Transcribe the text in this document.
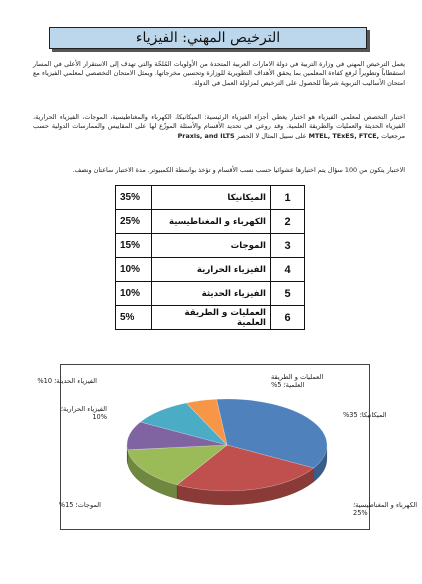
الترخيص المهني: الفيزياء
يعمل الترخيص المهني في وزارة التربية في دولة الامارات العربية المتحدة من الأولويات المُلحّة والتي تهدف إلى الاستقرار الأعلى في المسار استقطاباً وتطويراً لرفع كفاءة المعلمين بما يحقق الأهداف التطويرية للوزارة وتحسين مخرجاتها. ويمثل الامتحان التخصصي لمعلمي الفيزياء مع امتحان الأساليب التربوية شرطاً للحصول على الترخيص لمزاولة العمل في الدولة.
اختبار التخصص لمعلمي الفيزياء هو اختبار يغطي أجزاء الفيزياء الرئيسية: الميكانيكا، الكهرباء والمغناطيسية، الموجات، الفيزياء الحرارية، الفيزياء الحديثة والعمليات والطريقة العلمية. وقد روعي في تحديد الأقسام والأسئلة الموزّع لها على المقاييس والممارسات الدولية حسب مرجعيات MTEL, TExES, FTCE, على سبيل المثال لا الحصر Praxis, and ILTS
الاختبار يتكون من 100 سؤال يتم اختيارها عشوائيا حسب نسب الأقسام و تؤخذ بواسطة الكمبيوتر. مدة الاختبار ساعتان ونصف.
35%	الميكانيكا	1
25%	الكهرباء و المغناطيسية	2
15%	الموجات	3
10%	الفيزياء الحرارية	4
10%	الفيزياء الحديثة	5
5%	العمليات و الطريقة العلمية	6
الميكانيكا؛ 35%
الكهرباء و المغناطيسية؛ 25%
الموجات؛ 15%
الفيزياء الحرارية؛ 10%
الفيزياء الحديثة؛ 10%	العمليات و الطريقة العلمية؛ 5%
